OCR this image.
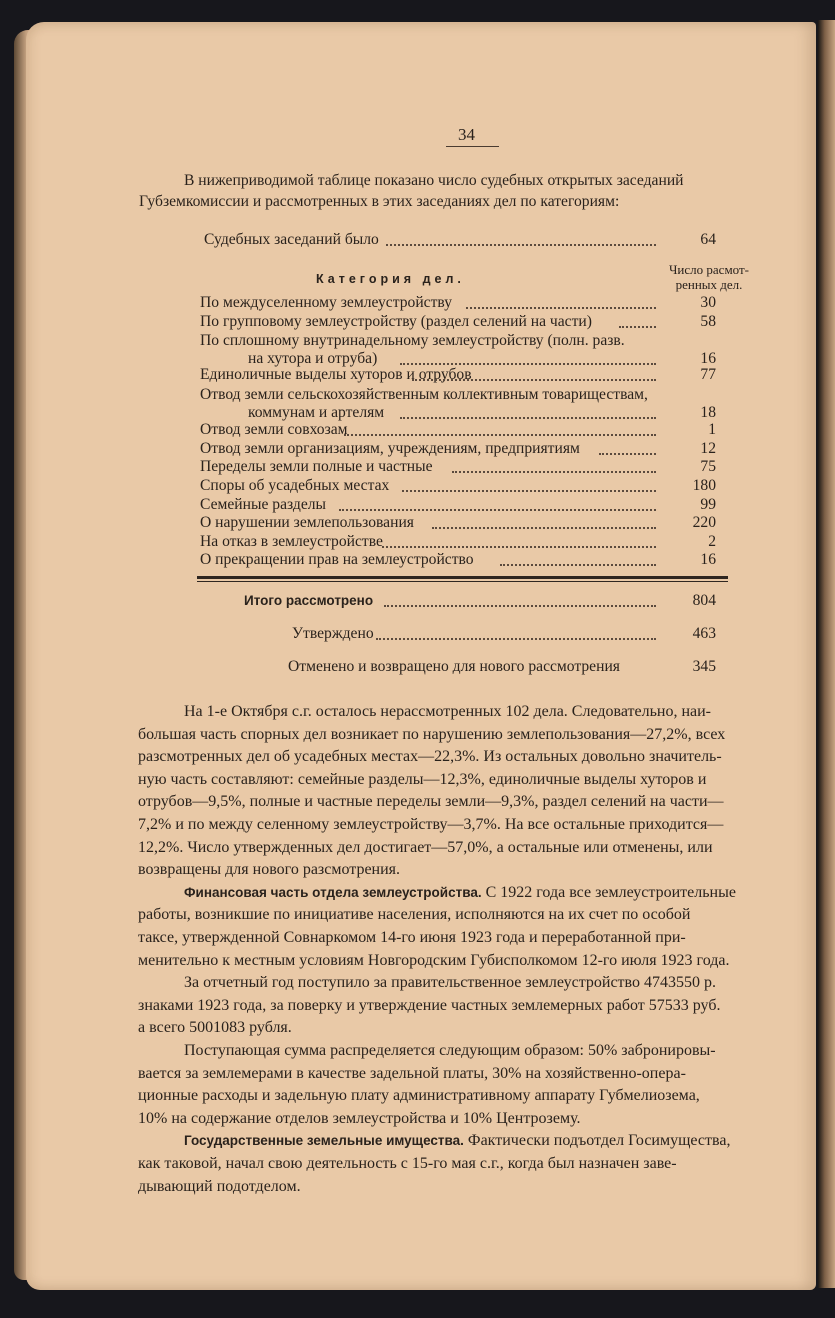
34
В нижеприводимой таблице показано число судебных открытых заседаний
Губземкомиссии и рассмотренных в этих заседаниях дел по категориям:
Судебных заседаний было	64
Категория дел.
Число рaсмот-
ренных дел.
По междуселенному землеустройству	30
По групповому землеустройству (раздел селений на части)	58
По сплошному внутринадельному землеустройству (полн. разв.
на хутора и отруба)	16
Единоличные выделы хуторов и отрубов	77
Отвод земли сельскохозяйственным коллективным товариществам,
коммунам и артелям	18
Отвод земли совхозам	1
Отвод земли организациям, учреждениям, предприятиям	12
Переделы земли полные и частные	75
Споры об усадебных местах	180
Семейные разделы	99
О нарушении землепользования	220
На отказ в землеустройстве	2
О прекращении прав на землеустройство	16
Итого рассмотрено	804
Утверждено	463
Отменено и возвращено для нового рассмотрения	345
На 1-е Октября с.г. осталось нерассмотренных 102 дела. Следовательно, наи-
большая часть спорных дел возникает по нарушению землепользования—27,2%, всех
разсмотренных дел об усадебных местах—22,3%. Из остальных довольно значитель-
ную часть составляют: семейные разделы—12,3%, единоличные выделы хуторов и
отрубов—9,5%, полные и частные переделы земли—9,3%, раздел селений на части—
7,2% и по между селенному землеустройству—3,7%. На все остальные приходится—
12,2%. Число утвержденных дел достигает—57,0%, а остальные или отменены, или
возвращены для нового разсмотрения.
Финансовая часть отдела землеустройства. С 1922 года все землеустроительные
работы, возникшие по инициативе населения, исполняются на их счет по особой
таксе, утвержденной Совнаркомом 14-го июня 1923 года и переработанной при-
менительно к местным условиям Новгородским Губисполкомом 12-го июля 1923 года.
За отчетный год поступило за правительственное землеустройство 4743550 р.
знаками 1923 года, за поверку и утверждение частных землемерных работ 57533 руб.
а всего 5001083 рубля.
Поступающая сумма распределяется следующим образом: 50% забронировы-
вается за землемерами в качестве задельной платы, 30% на хозяйственно-опера-
ционные расходы и задельную плату административному аппарату Губмелиозема,
10% на содержание отделов землеустройства и 10% Центрозему.
Государственные земельные имущества. Фактически подъотдел Госимущества,
как таковой, начал свою деятельность с 15-го мая с.г., когда был назначен заве-
дывающий подотделом.
